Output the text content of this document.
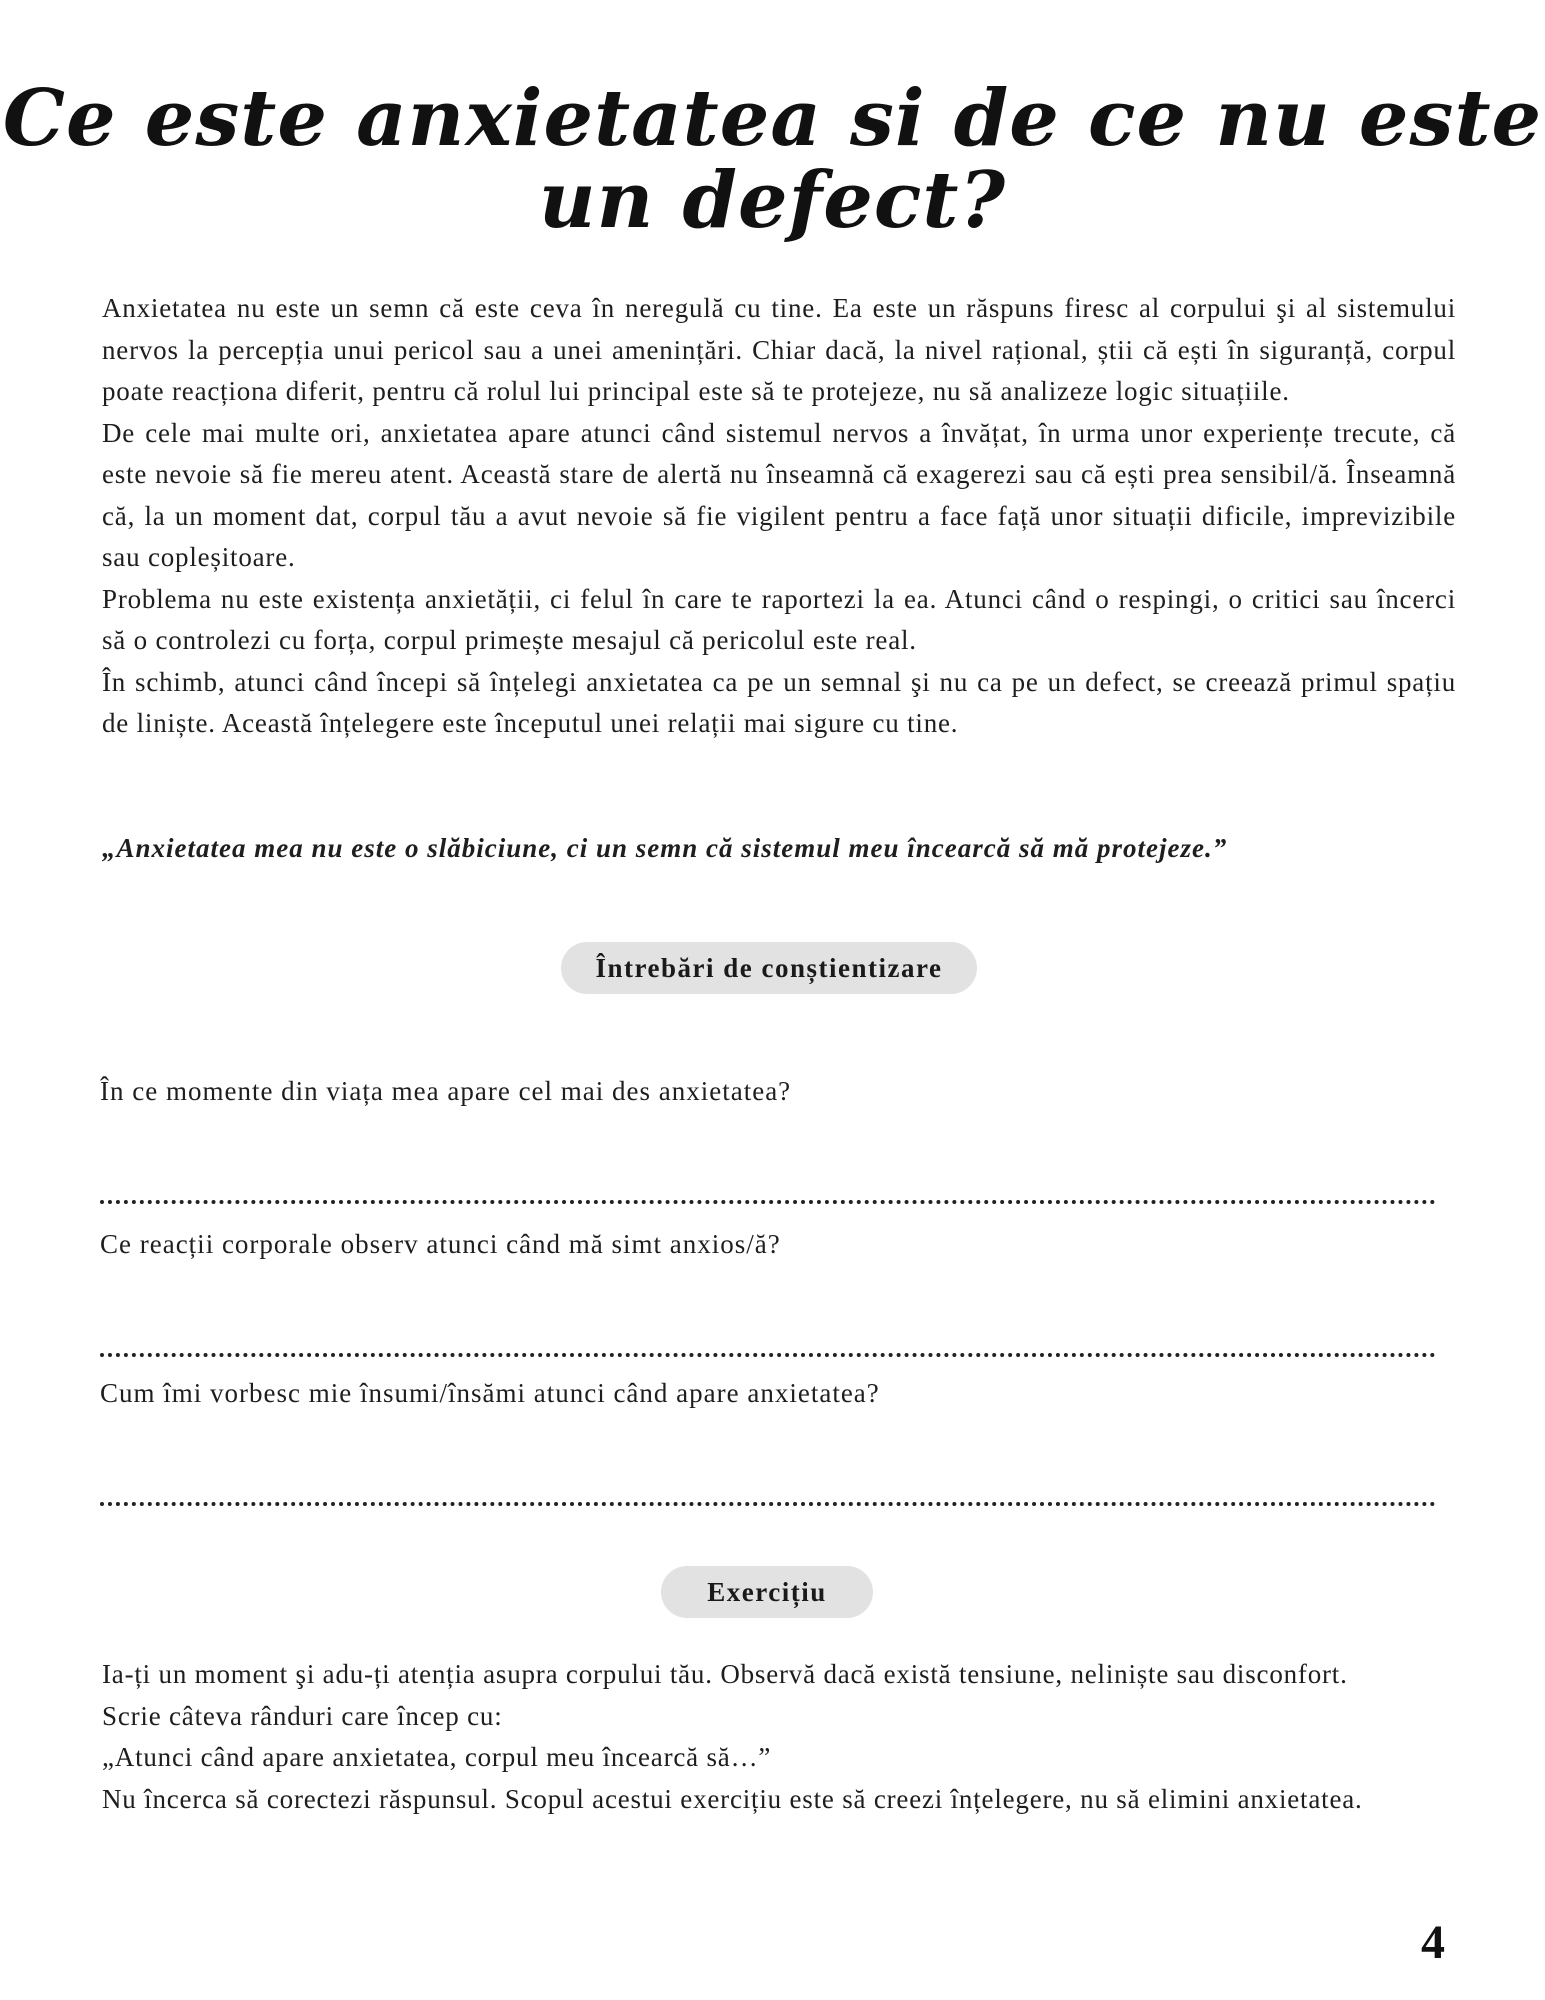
Ce este anxietatea si de ce nu este
un defect?

Anxietatea nu este un semn că este ceva în neregulă cu tine. Ea este un răspuns firesc al corpului şi al sistemului nervos la percepția unui pericol sau a unei amenințări. Chiar dacă, la nivel rațional, știi că ești în siguranță, corpul poate reacționa diferit, pentru că rolul lui principal este să te protejeze, nu să analizeze logic situațiile.

De cele mai multe ori, anxietatea apare atunci când sistemul nervos a învățat, în urma unor experiențe trecute, că este nevoie să fie mereu atent. Această stare de alertă nu înseamnă că exagerezi sau că ești prea sensibil/ă. Înseamnă că, la un moment dat, corpul tău a avut nevoie să fie vigilent pentru a face față unor situații dificile, imprevizibile sau copleșitoare.

Problema nu este existența anxietății, ci felul în care te raportezi la ea. Atunci când o respingi, o critici sau încerci să o controlezi cu forța, corpul primește mesajul că pericolul este real.

În schimb, atunci când începi să înțelegi anxietatea ca pe un semnal şi nu ca pe un defect, se creează primul spațiu de liniște. Această înțelegere este începutul unei relații mai sigure cu tine.

„Anxietatea mea nu este o slăbiciune, ci un semn că sistemul meu încearcă să mă protejeze.”

Întrebări de conștientizare
În ce momente din viața mea apare cel mai des anxietatea?
Ce reacții corporale observ atunci când mă simt anxios/ă?
Cum îmi vorbesc mie însumi/însămi atunci când apare anxietatea?
Exercițiu

Ia-ți un moment şi adu-ți atenția asupra corpului tău. Observă dacă există tensiune, neliniște sau disconfort.

Scrie câteva rânduri care încep cu:

„Atunci când apare anxietatea, corpul meu încearcă să…”

Nu încerca să corectezi răspunsul. Scopul acestui exercițiu este să creezi înțelegere, nu să elimini anxietatea.

4
